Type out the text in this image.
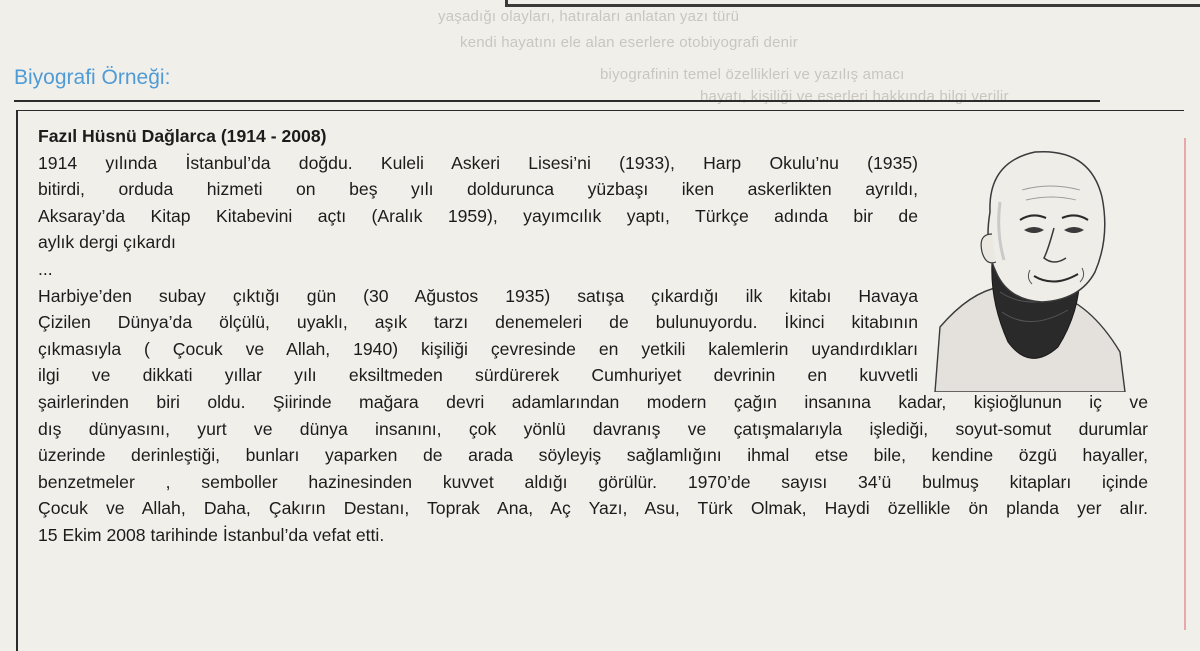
yaşadığı olayları, hatıraları anlatan yazı türü
kendi hayatını ele alan eserlere otobiyografi denir
biyografinin temel özellikleri ve yazılış amacı
hayatı, kişiliği ve eserleri hakkında bilgi verilir
Biyografi Örneği:
Fazıl Hüsnü Dağlarca (1914 - 2008)
1914 yılında İstanbul’da doğdu. Kuleli Askeri Lisesi’ni (1933), Harp Okulu’nu (1935)
bitirdi, orduda hizmeti on beş yılı doldurunca yüzbaşı iken askerlikten ayrıldı,
Aksaray’da Kitap Kitabevini açtı (Aralık 1959), yayımcılık yaptı, Türkçe adında bir de
aylık dergi çıkardı
...
Harbiye’den subay çıktığı gün (30 Ağustos 1935) satışa çıkardığı ilk kitabı Havaya
Çizilen Dünya’da ölçülü, uyaklı, aşık tarzı denemeleri de bulunuyordu. İkinci kitabının
çıkmasıyla ( Çocuk ve Allah, 1940) kişiliği çevresinde en yetkili kalemlerin uyandırdıkları
ilgi ve dikkati yıllar yılı eksiltmeden sürdürerek Cumhuriyet devrinin en kuvvetli
şairlerinden biri oldu. Şiirinde mağara devri adamlarından modern çağın insanına kadar, kişioğlunun iç ve
dış dünyasını, yurt ve dünya insanını, çok yönlü davranış ve çatışmalarıyla işlediği, soyut-somut durumlar
üzerinde derinleştiği, bunları yaparken de arada söyleyiş sağlamlığını ihmal etse bile, kendine özgü hayaller,
benzetmeler , semboller hazinesinden kuvvet aldığı görülür. 1970’de sayısı 34’ü bulmuş kitapları içinde
Çocuk ve Allah, Daha, Çakırın Destanı, Toprak Ana, Aç Yazı, Asu, Türk Olmak, Haydi özellikle ön planda yer alır.
15 Ekim 2008 tarihinde İstanbul’da vefat etti.
